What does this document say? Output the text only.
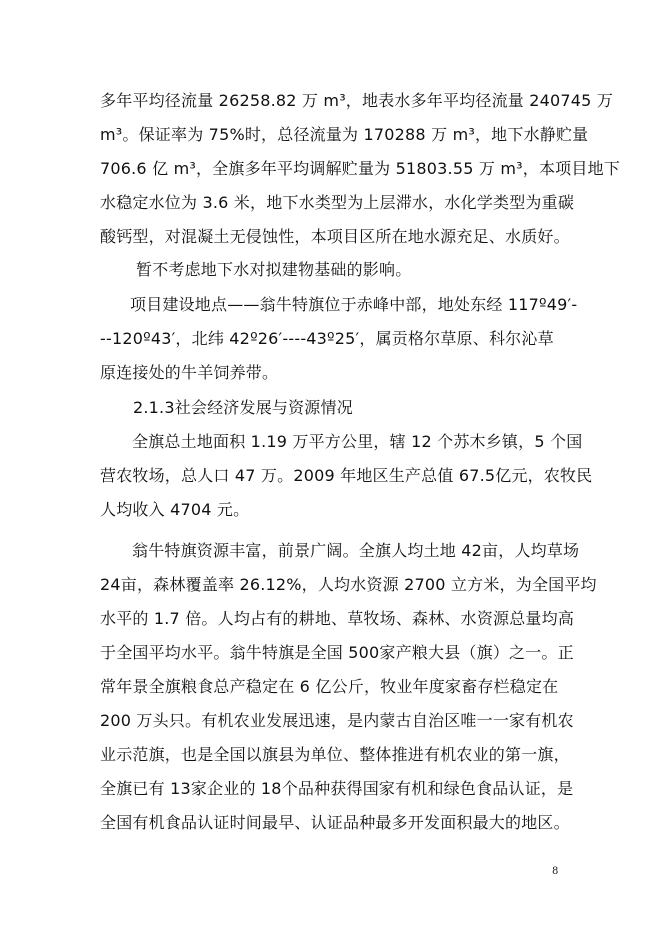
多年平均径流量 26258.82 万 m³，地表水多年平均径流量 240745 万
m³。保证率为 75%时，总径流量为 170288 万 m³，地下水静贮量
706.6 亿 m³，全旗多年平均调解贮量为 51803.55 万 m³，本项目地下
水稳定水位为 3.6 米，地下水类型为上层滞水，水化学类型为重碳
酸钙型，对混凝土无侵蚀性，本项目区所在地水源充足、水质好。
暂不考虑地下水对拟建物基础的影响。
项目建设地点——翁牛特旗位于赤峰中部，地处东经 117º49′-
--120º43′，北纬 42º26′----43º25′，属贡格尔草原、科尔沁草
原连接处的牛羊饲养带。
2.1.3社会经济发展与资源情况
全旗总土地面积 1.19 万平方公里，辖 12 个苏木乡镇，5 个国
营农牧场，总人口 47 万。2009 年地区生产总值 67.5亿元，农牧民
人均收入 4704 元。
翁牛特旗资源丰富，前景广阔。全旗人均土地 42亩，人均草场
24亩，森林覆盖率 26.12%，人均水资源 2700 立方米，为全国平均
水平的 1.7 倍。人均占有的耕地、草牧场、森林、水资源总量均高
于全国平均水平。翁牛特旗是全国 500家产粮大县（旗）之一。正
常年景全旗粮食总产稳定在 6 亿公斤，牧业年度家畜存栏稳定在
200 万头只。有机农业发展迅速，是内蒙古自治区唯一一家有机农
业示范旗，也是全国以旗县为单位、整体推进有机农业的第一旗，
全旗已有 13家企业的 18个品种获得国家有机和绿色食品认证，是
全国有机食品认证时间最早、认证品种最多开发面积最大的地区。
8
